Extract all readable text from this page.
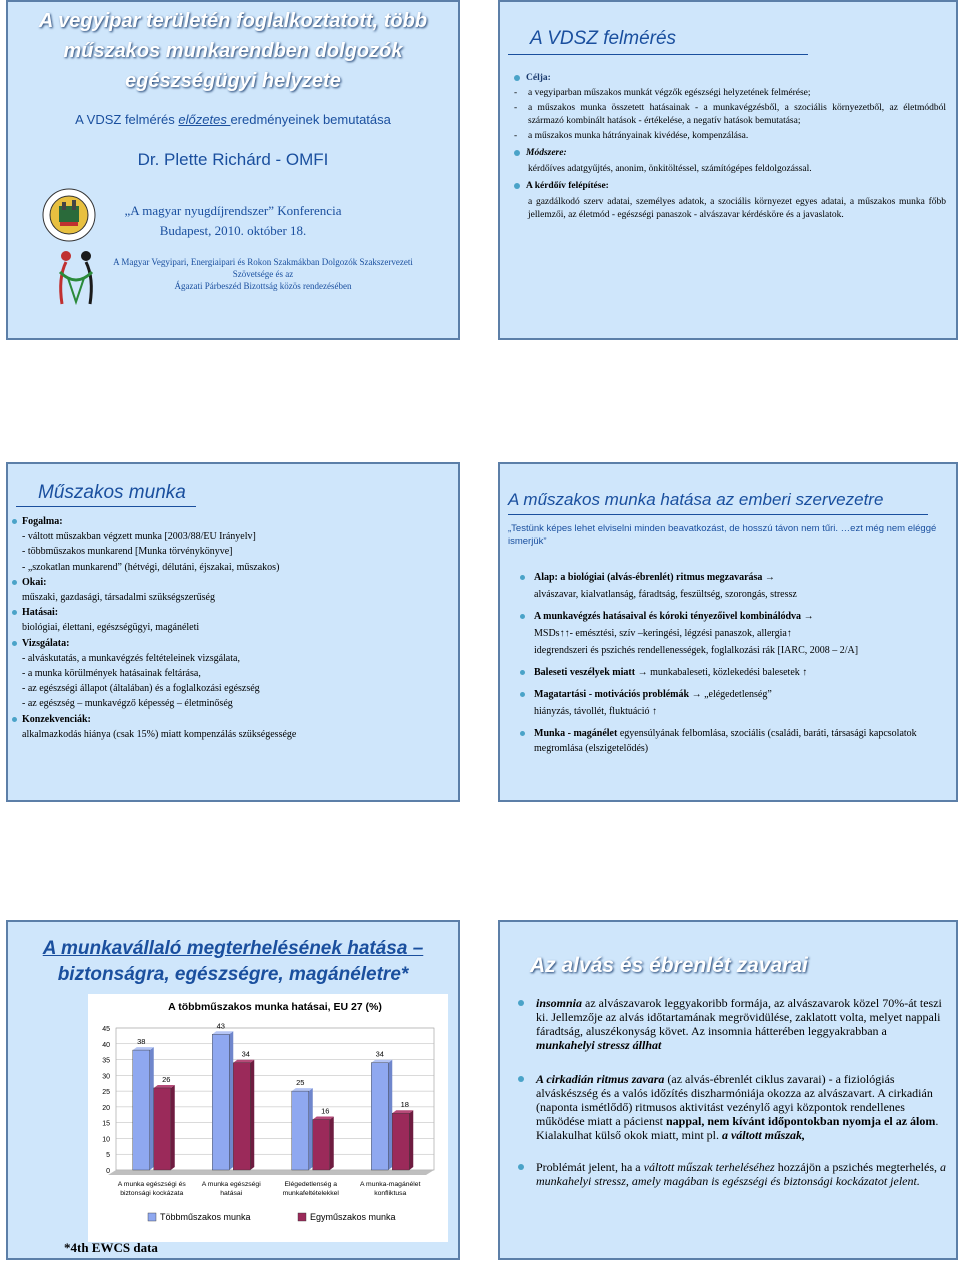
A vegyipar területén foglalkoztatott, több
műszakos munkarendben dolgozók
egészségügyi helyzete
A VDSZ felmérés előzetes eredményeinek bemutatása
Dr. Plette Richárd - OMFI
„A magyar nyugdíjrendszer” Konferencia
Budapest, 2010. október 18.
A Magyar Vegyipari, Energiaipari és Rokon Szakmákban Dolgozók Szakszervezeti
Szövetsége és az
Ágazati Párbeszéd Bizottság közös rendezésében
A VDSZ felmérés
Célja:
-	a vegyiparban műszakos munkát végzők egészségi helyzetének felmérése;
-	a műszakos munka összetett hatásainak - a munkavégzésből, a szociális környezetből, az életmódból származó kombinált hatások - értékelése, a negatív hatások bemutatása;
-	a műszakos munka hátrányainak kivédése, kompenzálása.
Módszere:
kérdőíves adatgyűjtés, anonim, önkitöltéssel, számítógépes feldolgozással.
A kérdőív felépítése:
a gazdálkodó szerv adatai, személyes adatok, a szociális környezet egyes adatai, a műszakos munka főbb jellemzői, az életmód - egészségi panaszok - alvászavar kérdésköre és a javaslatok.
Műszakos munka
Fogalma:
- váltott műszakban végzett munka [2003/88/EU Irányelv]
- többműszakos munkarend [Munka törvénykönyve]
- „szokatlan munkarend” (hétvégi, délutáni, éjszakai, műszakos)
Okai:
műszaki, gazdasági, társadalmi szükségszerűség
Hatásai:
biológiai, élettani, egészségügyi, magánéleti
Vizsgálata:
- alváskutatás, a munkavégzés feltételeinek vizsgálata,
- a munka körülmények hatásainak feltárása,
- az egészségi állapot (általában) és a foglalkozási egészség
- az egészség – munkavégző képesség – életminőség
Konzekvenciák:
alkalmazkodás hiánya (csak 15%) miatt kompenzálás szükségessége
A műszakos munka hatása az emberi szervezetre
„Testünk képes lehet elviselni minden beavatkozást, de hosszú távon nem tűri. …ezt még nem eléggé ismerjük”
Alap: a biológiai (alvás-ébrenlét) ritmus megzavarása →
alvászavar, kialvatlanság, fáradtság, feszültség, szorongás, stressz
A munkavégzés hatásaival és kóroki tényezőivel kombinálódva →
MSDs↑↑- emésztési, szív –keringési, légzési panaszok, allergia↑
idegrendszeri és pszichés rendellenességek, foglalkozási rák [IARC, 2008 – 2/A]
Baleseti veszélyek miatt → munkabaleseti, közlekedési balesetek ↑
Magatartási - motivációs problémák → „elégedetlenség”
hiányzás, távollét, fluktuáció ↑
Munka - magánélet egyensúlyának felbomlása, szociális (családi, baráti, társasági kapcsolatok megromlása (elszigetelődés)
A munkavállaló megterhelésének hatása –
biztonságra, egészségre, magánéletre*
A többműszakos munka hatásai, EU 27 (%)
0
5
10
15
20
25
30
35
40
45
38
26
A munka egészségi és
biztonsági kockázata
43
34
A munka egészségi
hatásai
25
16
Elégedetlenség a
munkafeltételekkel
34
18
A munka-magánélet
konfliktusa
Többműszakos munka	Egyműszakos munka
*4th EWCS data
Az alvás és ébrenlét zavarai
insomnia az alvászavarok leggyakoribb formája, az alvászavarok közel 70%-át teszi ki. Jellemzője az alvás időtartamának megrövidülése, zaklatott volta, melyet nappali fáradtság, aluszékonyság követ. Az insomnia hátterében leggyakrabban a munkahelyi stressz állhat
A cirkadián ritmus zavara (az alvás-ébrenlét ciklus zavarai) - a fiziológiás alváskészség és a valós időzítés diszharmóniája okozza az alvászavart. A cirkadián (naponta ismétlődő) ritmusos aktivitást vezénylő agyi központok rendellenes működése miatt a pácienst nappal, nem kívánt időpontokban nyomja el az álom. Kialakulhat külső okok miatt, mint pl. a váltott műszak,
Problémát jelent, ha a váltott műszak terheléséhez hozzájön a pszichés megterhelés, a munkahelyi stressz, amely magában is egészségi és biztonsági kockázatot jelent.
